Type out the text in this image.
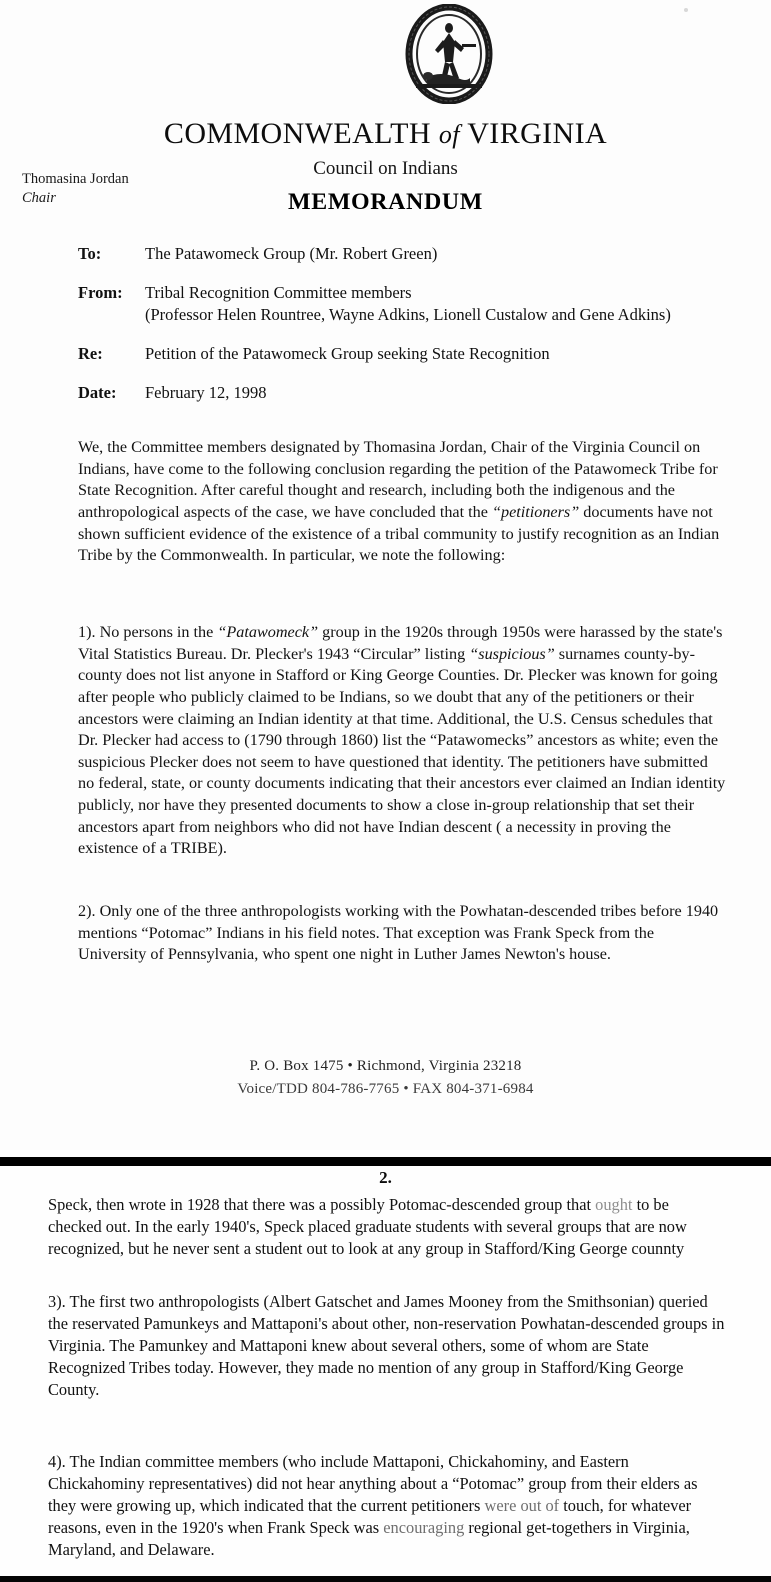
COMMONWEALTH of VIRGINIA
Council on Indians
MEMORANDUM
Thomasina Jordan
Chair
To:	The Patawomeck Group (Mr. Robert Green)
From: Tribal Recognition Committee members
(Professor Helen Rountree, Wayne Adkins, Lionell Custalow and Gene Adkins)
Re:	Petition of the Patawomeck Group seeking State Recognition
Date: February 12, 1998
We, the Committee members designated by Thomasina Jordan, Chair of the Virginia Council on Indians, have come to the following conclusion regarding the petition of the Patawomeck Tribe for State Recognition. After careful thought and research, including both the indigenous and the anthropological aspects of the case, we have concluded that the “petitioners” documents have not shown sufficient evidence of the existence of a tribal community to justify recognition as an Indian Tribe by the Commonwealth. In particular, we note the following:
1). No persons in the “Patawomeck” group in the 1920s through 1950s were harassed by the state's Vital Statistics Bureau. Dr. Plecker's 1943 “Circular” listing “suspicious” surnames county-by-county does not list anyone in Stafford or King George Counties. Dr. Plecker was known for going after people who publicly claimed to be Indians, so we doubt that any of the petitioners or their ancestors were claiming an Indian identity at that time. Additional, the U.S. Census schedules that Dr. Plecker had access to (1790 through 1860) list the “Patawomecks” ancestors as white; even the suspicious Plecker does not seem to have questioned that identity. The petitioners have submitted no federal, state, or county documents indicating that their ancestors ever claimed an Indian identity publicly, nor have they presented documents to show a close in-group relationship that set their ancestors apart from neighbors who did not have Indian descent ( a necessity in proving the existence of a TRIBE).
2). Only one of the three anthropologists working with the Powhatan-descended tribes before 1940 mentions “Potomac” Indians in his field notes. That exception was Frank Speck from the University of Pennsylvania, who spent one night in Luther James Newton's house.
P. O. Box 1475 • Richmond, Virginia 23218
Voice/TDD 804-786-7765 • FAX 804-371-6984
2.
Speck, then wrote in 1928 that there was a possibly Potomac-descended group that ought to be checked out. In the early 1940's, Speck placed graduate students with several groups that are now recognized, but he never sent a student out to look at any group in Stafford/King George counnty
3). The first two anthropologists (Albert Gatschet and James Mooney from the Smithsonian) queried the reservated Pamunkeys and Mattaponi's about other, non-reservation Powhatan-descended groups in Virginia. The Pamunkey and Mattaponi knew about several others, some of whom are State Recognized Tribes today. However, they made no mention of any group in Stafford/King George County.
4). The Indian committee members (who include Mattaponi, Chickahominy, and Eastern Chickahominy representatives) did not hear anything about a “Potomac” group from their elders as they were growing up, which indicated that the current petitioners were out of touch, for whatever reasons, even in the 1920's when Frank Speck was encouraging regional get-togethers in Virginia, Maryland, and Delaware.
